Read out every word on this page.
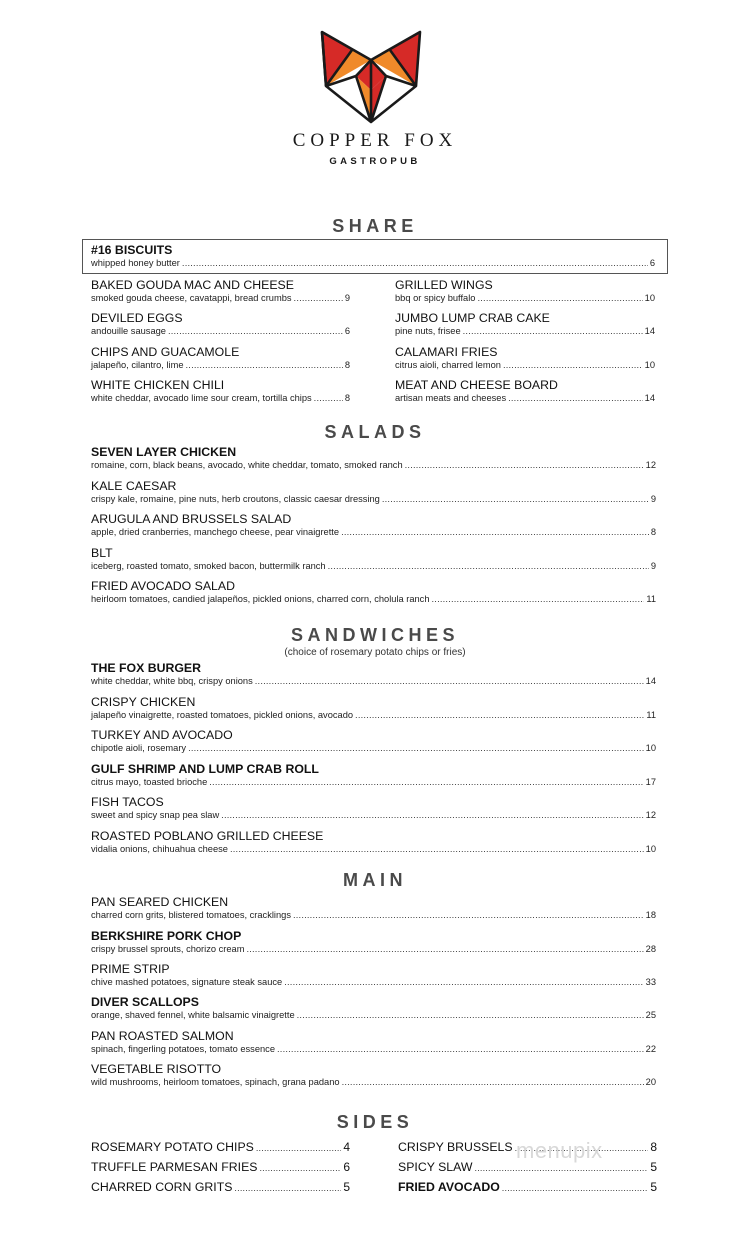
COPPER FOX
GASTROPUB
SHARE
#16 BISCUITS
whipped honey butter .....	6
BAKED GOUDA MAC AND CHEESE
smoked gouda cheese, cavatappi, bread crumbs .....	9
DEVILED EGGS
andouille sausage .....	6
CHIPS AND GUACAMOLE
jalapeño, cilantro, lime .....	8
WHITE CHICKEN CHILI
white cheddar, avocado lime sour cream, tortilla chips .....	8
GRILLED WINGS
bbq or spicy buffalo .....	10
JUMBO LUMP CRAB CAKE
pine nuts, frisee .....	14
CALAMARI FRIES
citrus aioli, charred lemon .....	10
MEAT AND CHEESE BOARD
artisan meats and cheeses .....	14
SALADS
SEVEN LAYER CHICKEN
romaine, corn, black beans, avocado, white cheddar, tomato, smoked ranch .....	12
KALE CAESAR
crispy kale, romaine, pine nuts, herb croutons, classic caesar dressing .....	9
ARUGULA AND BRUSSELS SALAD
apple, dried cranberries, manchego cheese, pear vinaigrette .....	8
BLT
iceberg, roasted tomato, smoked bacon, buttermilk ranch .....	9
FRIED AVOCADO SALAD
heirloom tomatoes, candied jalapeños, pickled onions, charred corn, cholula ranch .....	11
SANDWICHES
(choice of rosemary potato chips or fries)
THE FOX BURGER
white cheddar, white bbq, crispy onions .....	14
CRISPY CHICKEN
jalapeño vinaigrette, roasted tomatoes, pickled onions, avocado .....	11
TURKEY AND AVOCADO
chipotle aioli, rosemary .....	10
GULF SHRIMP AND LUMP CRAB ROLL
citrus mayo, toasted brioche .....	17
FISH TACOS
sweet and spicy snap pea slaw .....	12
ROASTED POBLANO GRILLED CHEESE
vidalia onions, chihuahua cheese .....	10
MAIN
PAN SEARED CHICKEN
charred corn grits, blistered tomatoes, cracklings .....	18
BERKSHIRE PORK CHOP
crispy brussel sprouts, chorizo cream .....	28
PRIME STRIP
chive mashed potatoes, signature steak sauce .....	33
DIVER SCALLOPS
orange, shaved fennel, white balsamic vinaigrette .....	25
PAN ROASTED SALMON
spinach, fingerling potatoes, tomato essence .....	22
VEGETABLE RISOTTO
wild mushrooms, heirloom tomatoes, spinach, grana padano .....	20
SIDES
ROSEMARY POTATO CHIPS .....	4
TRUFFLE PARMESAN FRIES .....	6
CHARRED CORN GRITS .....	5
CRISPY BRUSSELS .....	8
SPICY SLAW .....	5
FRIED AVOCADO .....	5
menupix
